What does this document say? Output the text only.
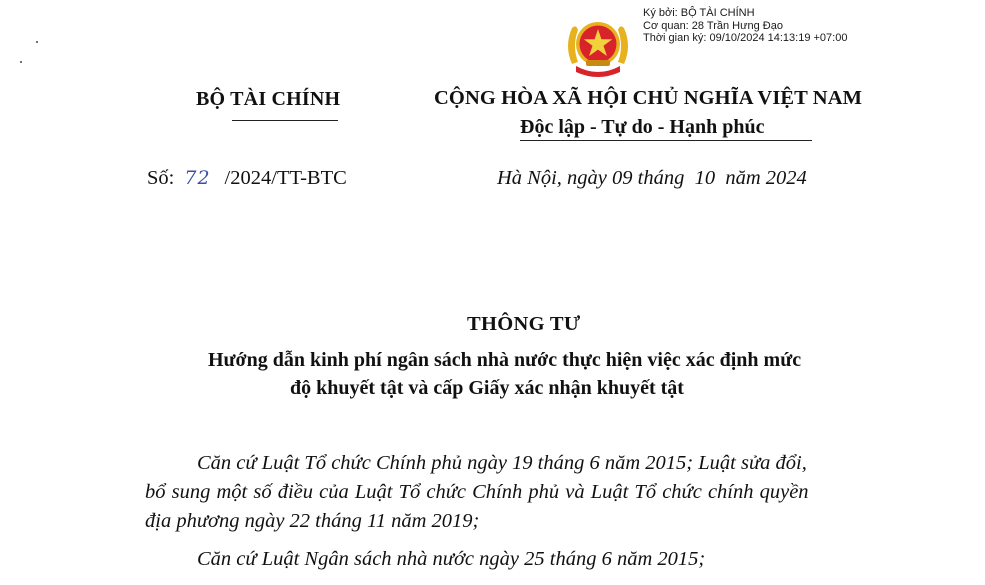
Ký bởi: BỘ TÀI CHÍNH
Cơ quan: 28 Trần Hưng Đạo
Thời gian ký: 09/10/2024 14:13:19 +07:00
BỘ TÀI CHÍNH	CỘNG HÒA XÃ HỘI CHỦ NGHĨA VIỆT NAM
Độc lập - Tự do - Hạnh phúc
Số: 72 /2024/TT-BTC	Hà Nội, ngày 09 tháng  10  năm 2024
THÔNG TƯ
Hướng dẫn kinh phí ngân sách nhà nước thực hiện việc xác định mức
độ khuyết tật và cấp Giấy xác nhận khuyết tật
Căn cứ Luật Tổ chức Chính phủ ngày 19 tháng 6 năm 2015; Luật sửa đổi,
bổ sung một số điều của Luật Tổ chức Chính phủ và Luật Tổ chức chính quyền
địa phương ngày 22 tháng 11 năm 2019;
Căn cứ Luật Ngân sách nhà nước ngày 25 tháng 6 năm 2015;
